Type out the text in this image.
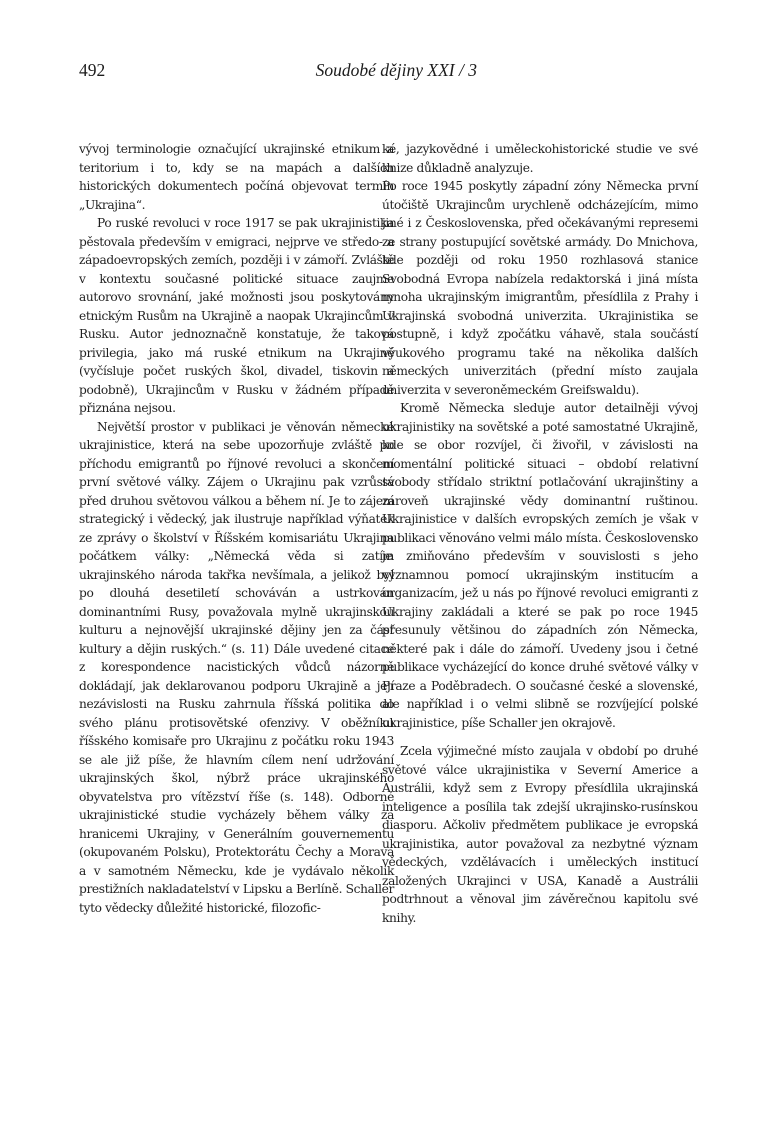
492	Soudobé dějiny XXI / 3

vývoj terminologie označující ukrajinské etnikum a teritorium i to, kdy se na mapách a dalších historických dokumentech počíná objevovat termín „Ukrajina“.

Po ruské revoluci v roce 1917 se pak ukrajinistika pěstovala především v emigraci, nejprve ve středo- a západoevropských zemích, později i v zámoří. Zvláště v kontextu současné politické situace zaujme autorovo srovnání, jaké možnosti jsou poskytovány etnickým Rusům na Ukrajině a naopak Ukrajincům v Rusku. Autor jednoznačně konstatuje, že taková privilegia, jako má ruské etnikum na Ukrajině (vyčísluje počet ruských škol, divadel, tiskovin a podobně), Ukrajincům v Rusku v žádném případě přiznána nejsou.

Největší prostor v publikaci je věnován německé ukrajinistice, která na sebe upozorňuje zvláště po příchodu emigrantů po říjnové revoluci a skončení první světové války. Zájem o Ukrajinu pak vzrůstá před druhou světovou válkou a během ní. Je to zájem strategický i vědecký, jak ilustruje například výňatek ze zprávy o školství v Říšském komisariátu Ukrajina počátkem války: „Německá věda si zatím ukrajinského národa takřka nevšímala, a jelikož byl po dlouhá desetiletí schováván a ustrkován dominantními Rusy, považovala mylně ukrajinskou kulturu a nejnovější ukrajinské dějiny jen za část kultury a dějin ruských.“ (s. 11) Dále uvedené citace z korespondence nacistických vůdců názorně dokládají, jak deklarovanou podporu Ukrajině a její nezávislosti na Rusku zahrnula říšská politika do svého plánu protisovětské ofenzivy. V oběžníku říšského komisaře pro Ukrajinu z počátku roku 1943 se ale již píše, že hlavním cílem není udržování ukrajinských škol, nýbrž práce ukrajinského obyvatelstva pro vítězství říše (s. 148). Odborné ukrajinistické studie vycházely během války za hranicemi Ukrajiny, v Generálním gouvernementu (okupovaném Polsku), Protektorátu Čechy a Morava a v samotném Německu, kde je vydávalo několik prestižních nakladatelství v Lipsku a Berlíně. Schaller tyto vědecky důležité historické, filozofic-

ké, jazykovědné i uměleckohistorické studie ve své knize důkladně analyzuje.

Po roce 1945 poskytly západní zóny Německa první útočiště Ukrajincům urychleně odcházejícím, mimo jiné i z Československa, před očekávanými represemi ze strany postupující sovětské armády. Do Mnichova, kde později od roku 1950 rozhlasová stanice Svobodná Evropa nabízela redaktorská i jiná místa mnoha ukrajinským imigrantům, přesídlila z Prahy i Ukrajinská svobodná univerzita. Ukrajinistika se postupně, i když zpočátku váhavě, stala součástí výukového programu také na několika dalších německých univerzitách (přední místo zaujala univerzita v severoněmeckém Greifswaldu).

Kromě Německa sleduje autor detailněji vývoj ukrajinistiky na sovětské a poté samostatné Ukrajině, kde se obor rozvíjel, či živořil, v závislosti na momentální politické situaci – období relativní svobody střídalo striktní potlačování ukrajinštiny a zároveň ukrajinské vědy dominantní ruštinou. Ukrajinistice v dalších evropských zemích je však v publikaci věnováno velmi málo místa. Československo je zmiňováno především v souvislosti s jeho významnou pomocí ukrajinským institucím a organizacím, jež u nás po říjnové revoluci emigranti z Ukrajiny zakládali a které se pak po roce 1945 přesunuly většinou do západních zón Německa, některé pak i dále do zámoří. Uvedeny jsou i četné publikace vycházející do konce druhé světové války v Praze a Poděbradech. O současné české a slovenské, ale například i o velmi slibně se rozvíjející polské ukrajinistice, píše Schaller jen okrajově.

Zcela výjimečné místo zaujala v období po druhé světové válce ukrajinistika v Severní Americe a Austrálii, když sem z Evropy přesídlila ukrajinská inteligence a posílila tak zdejší ukrajinsko-rusínskou diasporu. Ačkoliv předmětem publikace je evropská ukrajinistika, autor považoval za nezbytné význam vědeckých, vzdělávacích i uměleckých institucí založených Ukrajinci v USA, Kanadě a Austrálii podtrhnout a věnoval jim závěrečnou kapitolu své knihy.
